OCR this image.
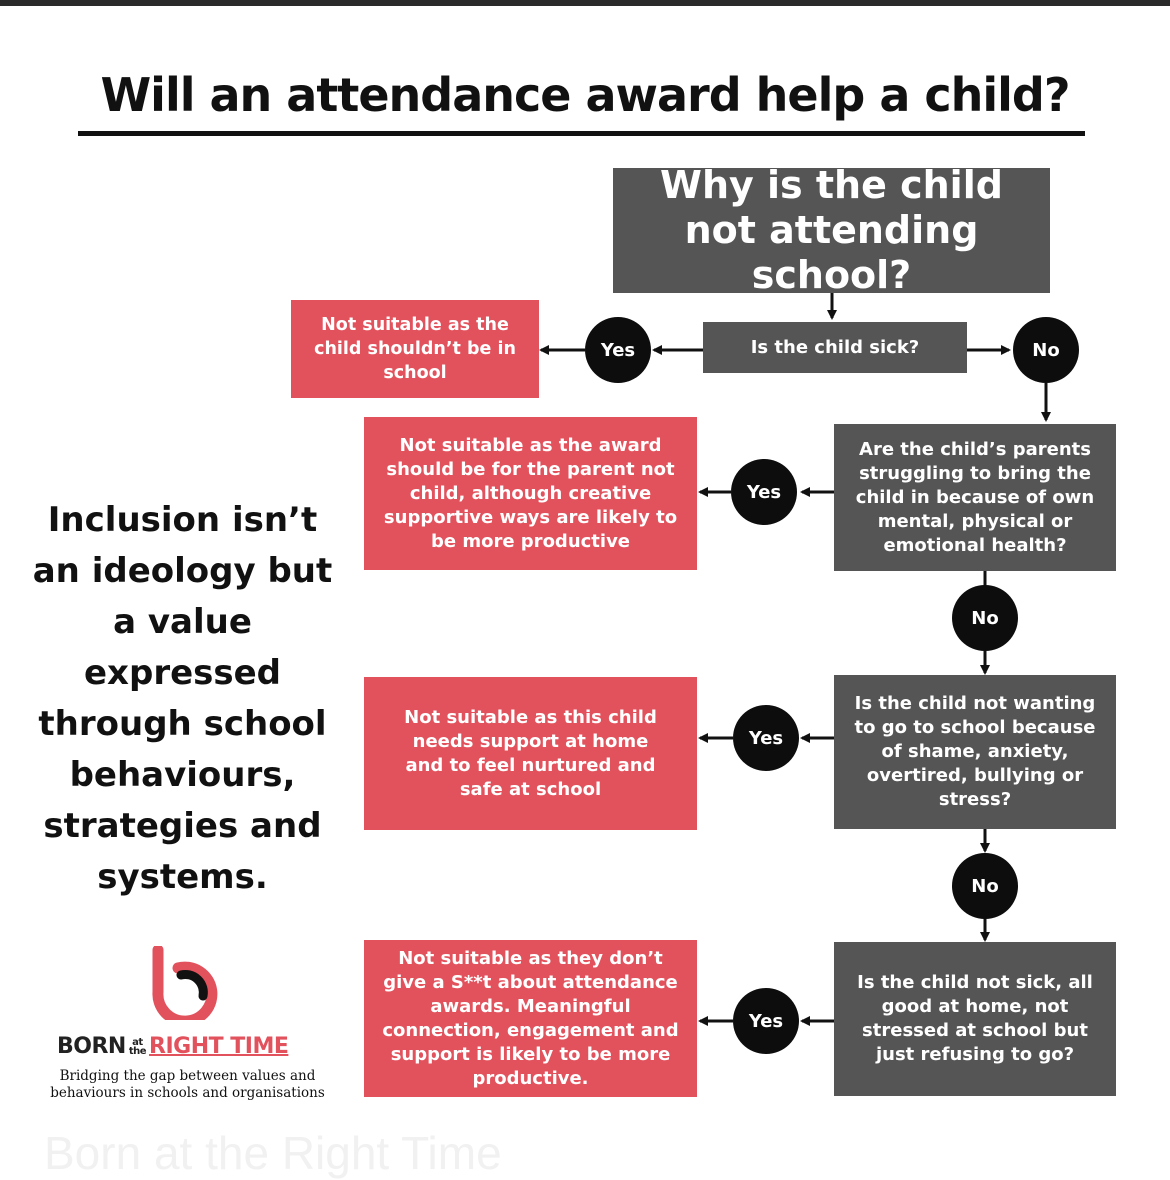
Will an attendance award help a child?
Why is the child not attending school?
Is the child sick?
Yes	No
Not suitable as the child shouldn’t be in school
Are the child’s parents struggling to bring the child in because of own mental, physical or emotional health?
Yes
No
Not suitable as the award should be for the parent not child, although creative supportive ways are likely to be more productive
Is the child not wanting to go to school because of shame, anxiety, overtired, bullying or stress?
Yes
No
Not suitable as this child needs support at home and to feel nurtured and safe at school
Is the child not sick, all good at home, not stressed at school but just refusing to go?
Yes
Not suitable as they don’t give a S**t about attendance awards. Meaningful connection, engagement and support is likely to be more productive.
Inclusion isn’t an ideology but a value expressed through school behaviours, strategies and systems.
BORN at
the RIGHT TIME
Bridging the gap between values and behaviours in schools and organisations
Born at the Right Time
